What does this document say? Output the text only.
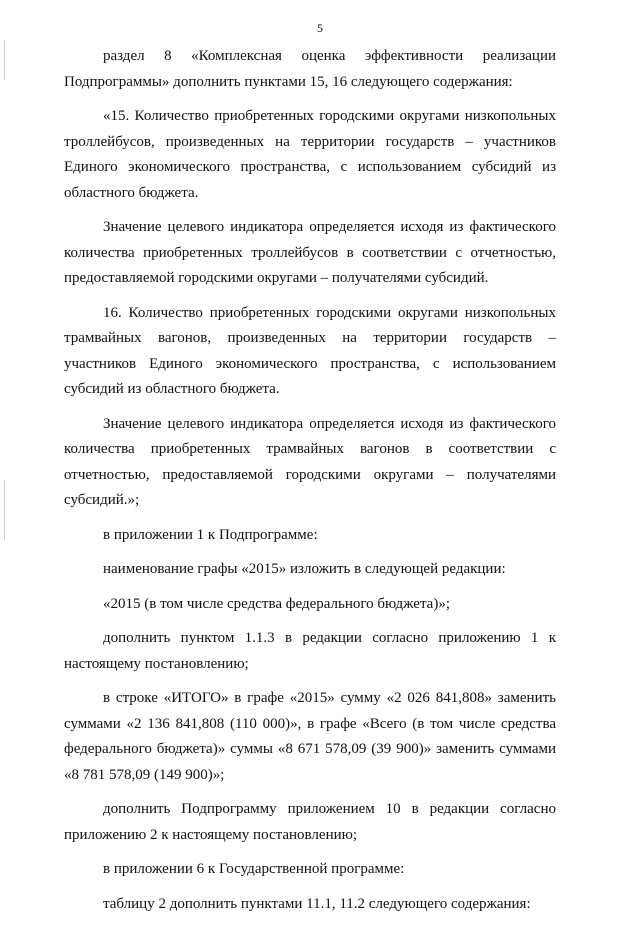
5

раздел 8 «Комплексная оценка эффективности реализации Подпрограммы» дополнить пунктами 15, 16 следующего содержания:

«15. Количество приобретенных городскими округами низкопольных троллейбусов, произведенных на территории государств – участников Единого экономического пространства, с использованием субсидий из областного бюджета.

Значение целевого индикатора определяется исходя из фактического количества приобретенных троллейбусов в соответствии с отчетностью, предоставляемой городскими округами – получателями субсидий.

16. Количество приобретенных городскими округами низкопольных трамвайных вагонов, произведенных на территории государств – участников Единого экономического пространства, с использованием субсидий из областного бюджета.

Значение целевого индикатора определяется исходя из фактического количества приобретенных трамвайных вагонов в соответствии с отчетностью, предоставляемой городскими округами – получателями субсидий.»;

в приложении 1 к Подпрограмме:

наименование графы «2015» изложить в следующей редакции:

«2015 (в том числе средства федерального бюджета)»;

дополнить пунктом 1.1.3 в редакции согласно приложению 1 к настоящему постановлению;

в строке «ИТОГО» в графе «2015» сумму «2 026 841,808» заменить суммами «2 136 841,808 (110 000)», в графе «Всего (в том числе средства федерального бюджета)» суммы «8 671 578,09 (39 900)» заменить суммами «8 781 578,09 (149 900)»;

дополнить Подпрограмму приложением 10 в редакции согласно приложению 2 к настоящему постановлению;

в приложении 6 к Государственной программе:

таблицу 2 дополнить пунктами 11.1, 11.2 следующего содержания:
